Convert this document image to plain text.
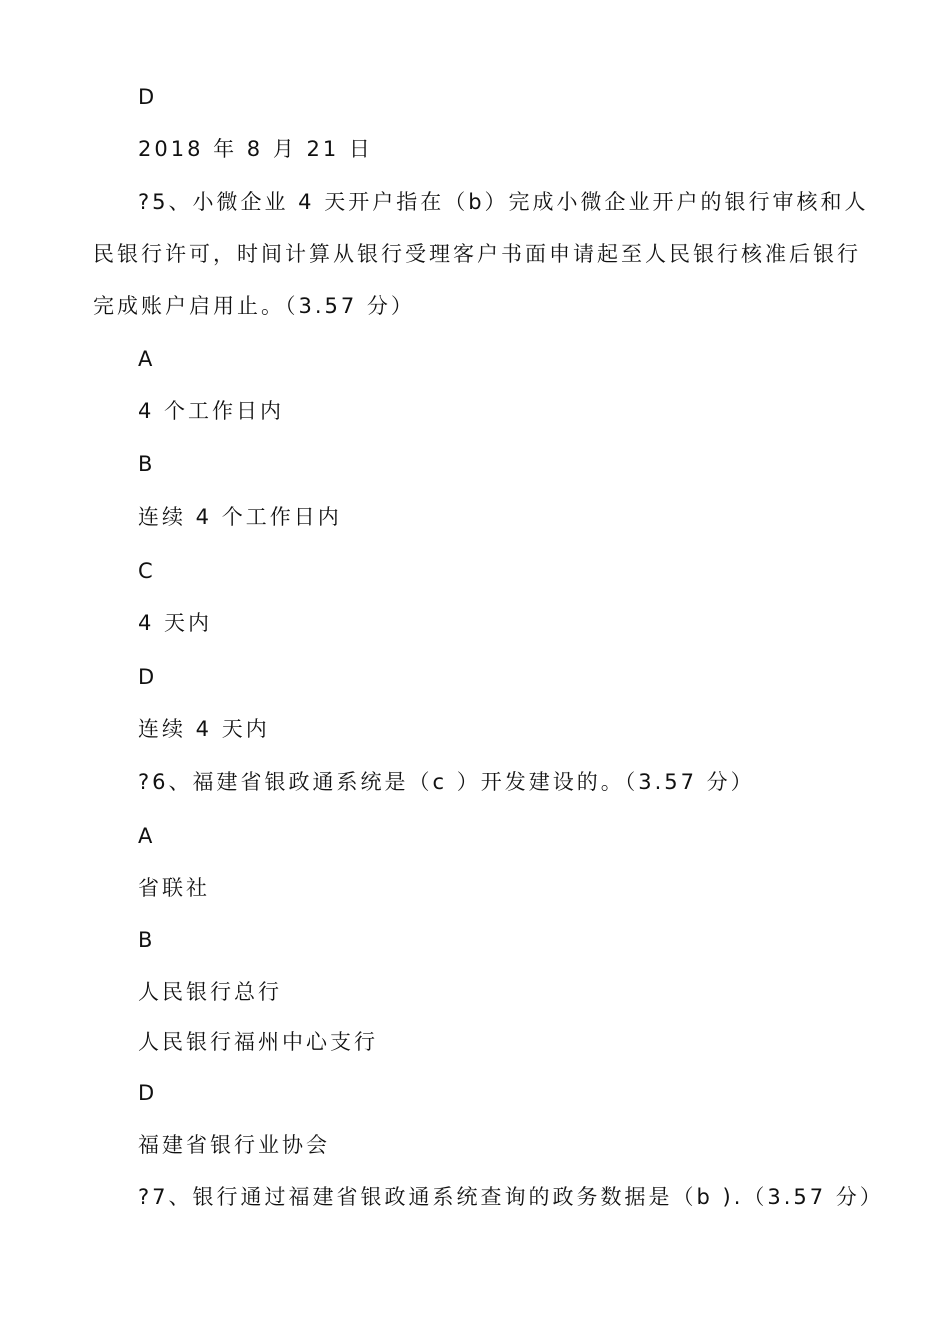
D
2018 年 8 月 21 日
?5、小微企业 4 天开户指在（b）完成小微企业开户的银行审核和人
民银行许可，时间计算从银行受理客户书面申请起至人民银行核准后银行
完成账户启用止。（3.57 分）
A
4 个工作日内
B
连续 4 个工作日内
C
4 天内
D
连续 4 天内
?6、福建省银政通系统是（c ）开发建设的。（3.57 分）
A
省联社
B
人民银行总行
人民银行福州中心支行
D
福建省银行业协会
?7、银行通过福建省银政通系统查询的政务数据是（b ).（3.57 分）
